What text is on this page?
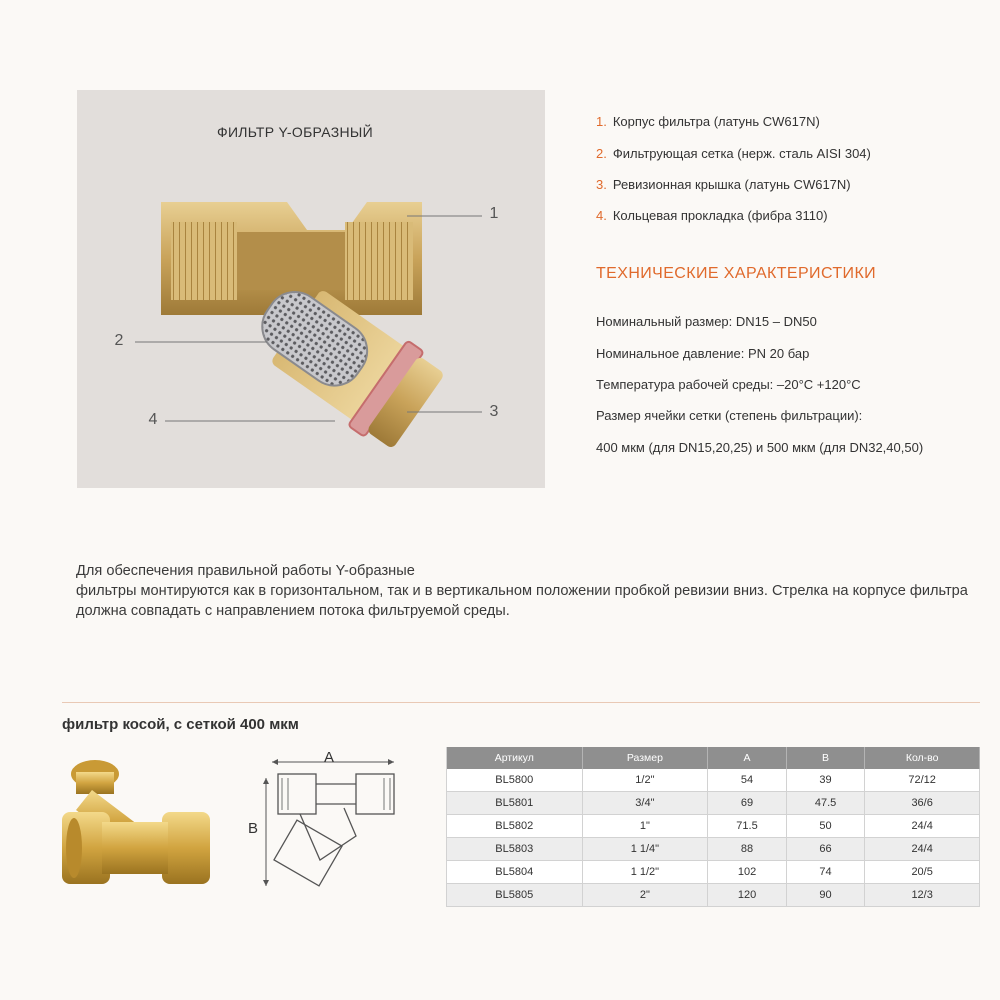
ФИЛЬТР Y-ОБРАЗНЫЙ
1
2
3
4
1. Корпус фильтра (латунь CW617N)
2. Фильтрующая сетка (нерж. сталь AISI 304)
3. Ревизионная крышка (латунь CW617N)
4. Кольцевая прокладка (фибра 3110)
ТЕХНИЧЕСКИЕ ХАРАКТЕРИСТИКИ
Номинальный размер: DN15 – DN50
Номинальное давление: PN 20 бар
Температура рабочей среды: –20°C +120°C
Размер ячейки сетки (степень фильтрации):
400 мкм (для DN15,20,25) и 500 мкм (для DN32,40,50)
Для обеспечения правильной работы Y-образные
фильтры монтируются как в горизонтальном, так и в вертикальном положении пробкой ревизии вниз. Стрелка на корпусе фильтра должна совпадать с направлением потока фильтруемой среды.
фильтр косой, с сеткой 400 мкм
A
B
Артикул	Размер	A	B	Кол-во
BL5800	1/2"	54	39	72/12
BL5801	3/4"	69	47.5	36/6
BL5802	1"	71.5	50	24/4
BL5803	1 1/4"	88	66	24/4
BL5804	1 1/2"	102	74	20/5
BL5805	2"	120	90	12/3
